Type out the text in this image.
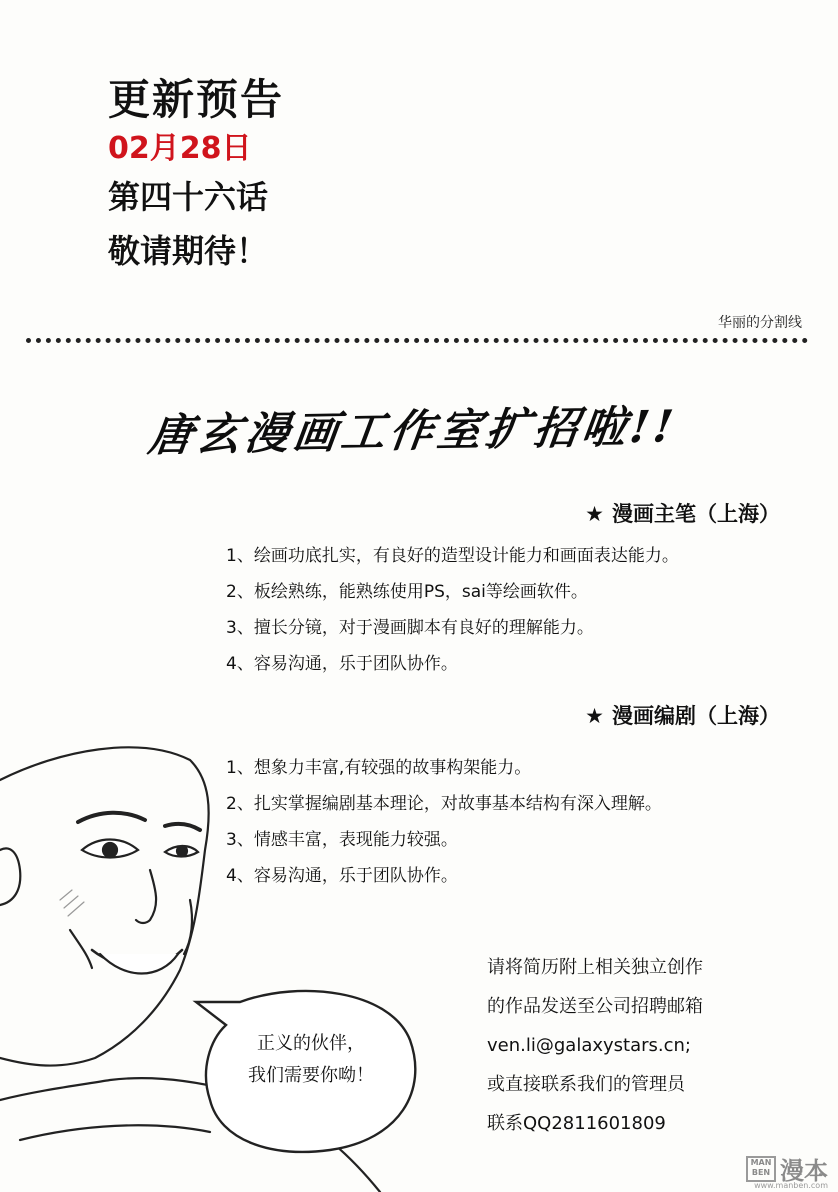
更新预告
02月28日
第四十六话
敬请期待！
华丽的分割线
唐玄漫画工作室扩招啦!!
★ 漫画主笔（上海）
1、绘画功底扎实，有良好的造型设计能力和画面表达能力。
2、板绘熟练，能熟练使用PS，sai等绘画软件。
3、擅长分镜，对于漫画脚本有良好的理解能力。
4、容易沟通，乐于团队协作。
★ 漫画编剧（上海）
1、想象力丰富,有较强的故事构架能力。
2、扎实掌握编剧基本理论，对故事基本结构有深入理解。
3、情感丰富，表现能力较强。
4、容易沟通，乐于团队协作。
正义的伙伴，
我们需要你呦！
请将简历附上相关独立创作
的作品发送至公司招聘邮箱
ven.li@galaxystars.cn;
或直接联系我们的管理员
联系QQ2811601809
MAN BEN 漫本
www.manben.com
